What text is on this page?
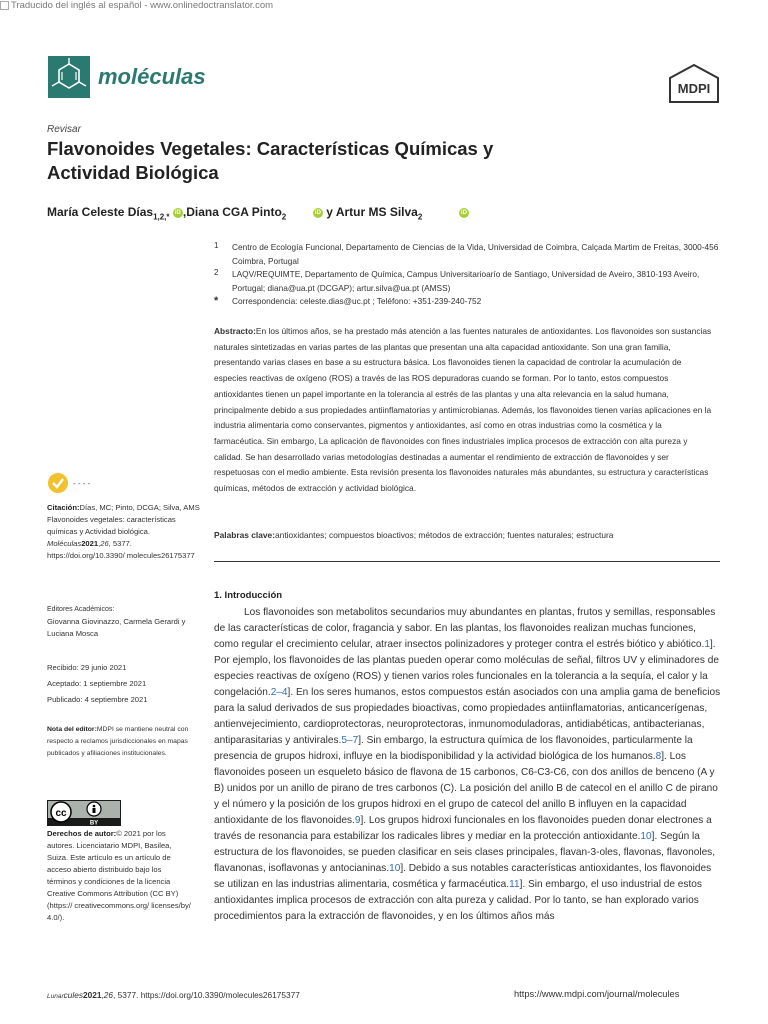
Traducido del inglés al español - www.onlinedoctranslator.com
moléculas	MDPI
Revisar
Flavonoides Vegetales: Características Químicas y Actividad Biológica
María Celeste Días$_{1,2,*}$ iD ,Diana CGA Pinto$_2$	iD y Artur MS Silva$_2$	iD
1 Centro de Ecología Funcional, Departamento de Ciencias de la Vida, Universidad de Coimbra, Calçada Martim de Freitas, 3000-456 Coimbra, Portugal
2 LAQV/REQUIMTE, Departamento de Química, Campus Universitarioarío de Santiago, Universidad de Aveiro, 3810-193 Aveiro, Portugal; diana@ua.pt (DCGAP); artur.silva@ua.pt (AMSS)
* Correspondencia: celeste.dias@uc.pt ; Teléfono: +351-239-240-752
Abstracto:En los últimos años, se ha prestado más atención a las fuentes naturales de antioxidantes. Los flavonoides son sustancias naturales sintetizadas en varias partes de las plantas que presentan una alta capacidad antioxidante. Son una gran familia, presentando varias clases en base a su estructura básica. Los flavonoides tienen la capacidad de controlar la acumulación de especies reactivas de oxígeno (ROS) a través de las ROS depuradoras cuando se forman. Por lo tanto, estos compuestos antioxidantes tienen un papel importante en la tolerancia al estrés de las plantas y una alta relevancia en la salud humana, principalmente debido a sus propiedades antiinflamatorias y antimicrobianas. Además, los flavonoides tienen varias aplicaciones en la industria alimentaria como conservantes, pigmentos y antioxidantes, así como en otras industrias como la cosmética y la farmacéutica. Sin embargo, La aplicación de flavonoides con fines industriales implica procesos de extracción con alta pureza y calidad. Se han desarrollado varias metodologías destinadas a aumentar el rendimiento de extracción de flavonoides y ser respetuosas con el medio ambiente. Esta revisión presenta los flavonoides naturales más abundantes, su estructura y características químicas, métodos de extracción y actividad biológica.
Palabras clave:antioxidantes; compuestos bioactivos; métodos de extracción; fuentes naturales; estructura
1. Introducción
Los flavonoides son metabolitos secundarios muy abundantes en plantas, frutos y semillas, responsables de las características de color, fragancia y sabor. En las plantas, los flavonoides realizan muchas funciones, como regular el crecimiento celular, atraer insectos polinizadores y proteger contra el estrés biótico y abiótico.1]. Por ejemplo, los flavonoides de las plantas pueden operar como moléculas de señal, filtros UV y eliminadores de especies reactivas de oxígeno (ROS) y tienen varios roles funcionales en la tolerancia a la sequía, el calor y la congelación.2–4]. En los seres humanos, estos compuestos están asociados con una amplia gama de beneficios para la salud derivados de sus propiedades bioactivas, como propiedades antiinflamatorias, anticancerígenas, antienvejecimiento, cardioprotectoras, neuroprotectoras, inmunomoduladoras, antidiabéticas, antibacterianas, antiparasitarias y antivirales.5–7]. Sin embargo, la estructura química de los flavonoides, particularmente la presencia de grupos hidroxi, influye en la biodisponibilidad y la actividad biológica de los humanos.8]. Los flavonoides poseen un esqueleto básico de flavona de 15 carbonos, C6-C3-C6, con dos anillos de benceno (A y B) unidos por un anillo de pirano de tres carbonos (C). La posición del anillo B de catecol en el anillo C de pirano y el número y la posición de los grupos hidroxi en el grupo de catecol del anillo B influyen en la capacidad antioxidante de los flavonoides.9]. Los grupos hidroxi funcionales en los flavonoides pueden donar electrones a través de resonancia para estabilizar los radicales libres y mediar en la protección antioxidante.10]. Según la estructura de los flavonoides, se pueden clasificar en seis clases principales, flavan-3-oles, flavonas, flavonoles, flavanonas, isoflavonas y antocianinas.10]. Debido a sus notables características antioxidantes, los flavonoides se utilizan en las industrias alimentaria, cosmética y farmacéutica.11]. Sin embargo, el uso industrial de estos antioxidantes implica procesos de extracción con alta pureza y calidad. Por lo tanto, se han explorado varios procedimientos para la extracción de flavonoides, y en los últimos años más
- - - -
Citación:Días, MC; Pinto, DCGA; Silva, AMS Flavonoides vegetales: características químicas y Actividad biológica. Moléculas2021,26, 5377. https://doi.org/10.3390/ molecules26175377
Editores Académicos:
Giovanna Giovinazzo, Carmela Gerardi y Luciana Mosca
Recibido: 29 junio 2021
Aceptado: 1 septiembre 2021
Publicado: 4 septiembre 2021
Nota del editor:MDPI se mantiene neutral con respecto a reclamos jurisdiccionales en mapas publicados y afiliaciones institucionales.
cc
BY
Derechos de autor:© 2021 por los autores. Licenciatario MDPI, Basilea, Suiza. Este artículo es un artículo de acceso abierto distribuido bajo los términos y condiciones de la licencia Creative Commons Attribution (CC BY) (https:// creativecommons.org/ licenses/by/ 4.0/).
Lunarcules2021,26, 5377. https://doi.org/10.3390/molecules26175377	https://www.mdpi.com/journal/molecules
